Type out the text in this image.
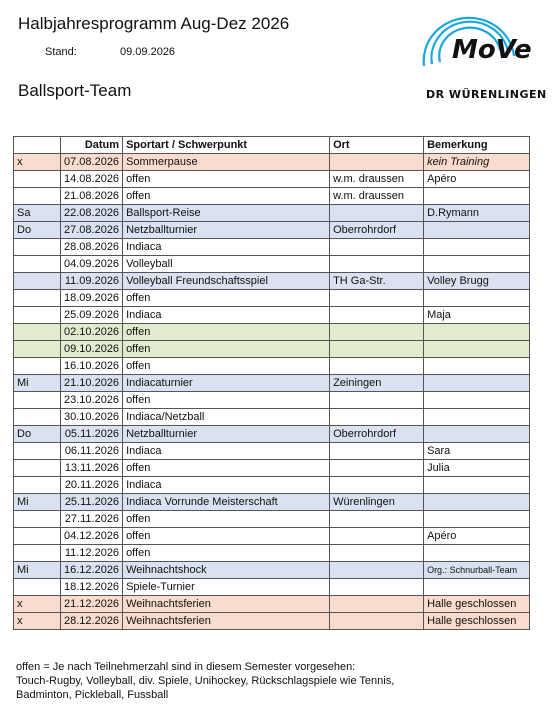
Halbjahresprogramm Aug-Dez 2026
Stand:	09.09.2026
Ballsport-Team
MoVe
DR WÜRENLINGEN
	Datum	Sportart / Schwerpunkt	Ort	Bemerkung
x	07.08.2026	Sommerpause		kein Training
	14.08.2026	offen	w.m. draussen	Apéro
	21.08.2026	offen	w.m. draussen	
Sa	22.08.2026	Ballsport-Reise		D.Rymann
Do	27.08.2026	Netzballturnier	Oberrohrdorf	
	28.08.2026	Indiaca		
	04.09.2026	Volleyball		
	11.09.2026	Volleyball Freundschaftsspiel	TH Ga-Str.	Volley Brugg
	18.09.2026	offen		
	25.09.2026	Indiaca		Maja
	02.10.2026	offen		
	09.10.2026	offen		
	16.10.2026	offen		
Mi	21.10.2026	Indiacaturnier	Zeiningen	
	23.10.2026	offen		
	30.10.2026	Indiaca/Netzball		
Do	05.11.2026	Netzballturnier	Oberrohrdorf	
	06.11.2026	Indiaca		Sara
	13.11.2026	offen		Julia
	20.11.2026	Indiaca		
Mi	25.11.2026	Indiaca Vorrunde Meisterschaft	Würenlingen	
	27.11.2026	offen		
	04.12.2026	offen		Apéro
	11.12.2026	offen		
Mi	16.12.2026	Weihnachtshock		Org.: Schnurball-Team
	18.12.2026	Spiele-Turnier		
x	21.12.2026	Weihnachtsferien		Halle geschlossen
x	28.12.2026	Weihnachtsferien		Halle geschlossen
offen = Je nach Teilnehmerzahl sind in diesem Semester vorgesehen:
Touch-Rugby, Volleyball, div. Spiele, Unihockey, Rückschlagspiele wie Tennis,
Badminton, Pickleball, Fussball
